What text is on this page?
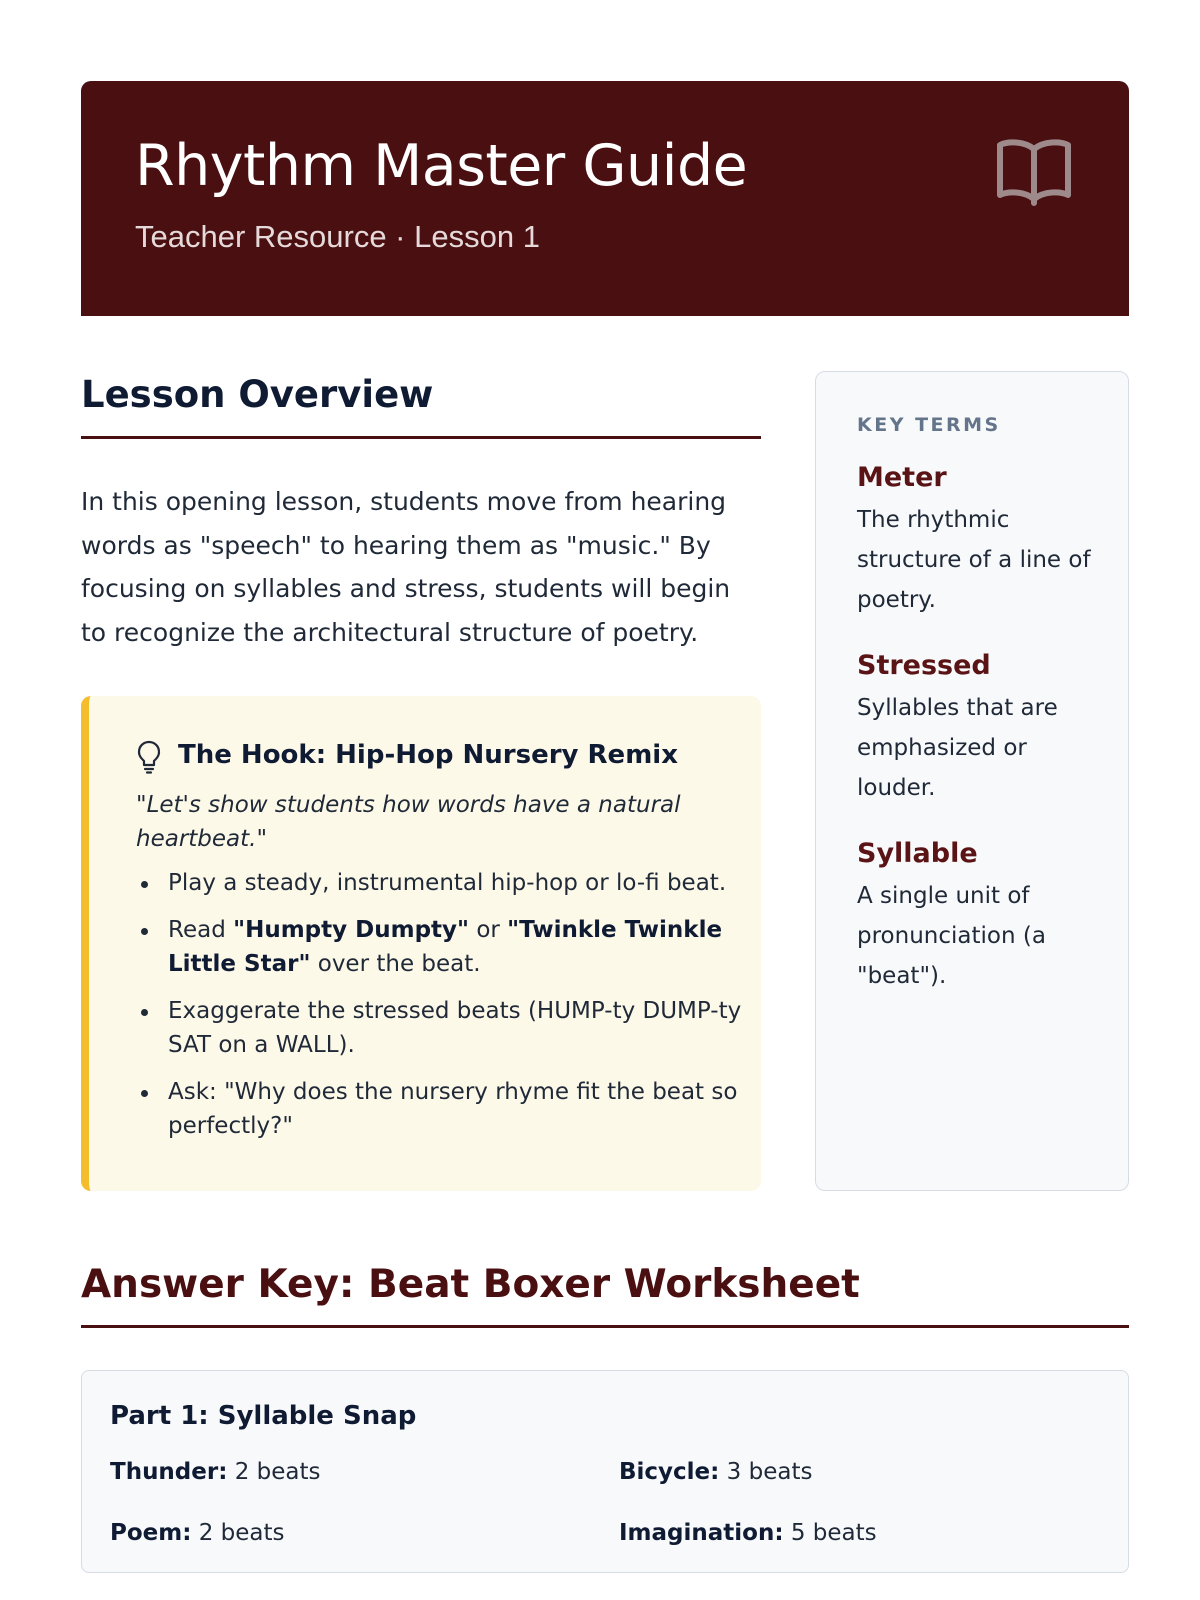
Rhythm Master Guide
Teacher Resource · Lesson 1
Lesson Overview

In this opening lesson, students move from hearing words as "speech" to hearing them as "music." By focusing on syllables and stress, students will begin to recognize the architectural structure of poetry.

The Hook: Hip-Hop Nursery Remix
"Let's show students how words have a natural heartbeat."
Play a steady, instrumental hip-hop or lo-fi beat.
Read "Humpty Dumpty" or "Twinkle Twinkle Little Star" over the beat.
Exaggerate the stressed beats (HUMP-ty DUMP-ty SAT on a WALL).
Ask: "Why does the nursery rhyme fit the beat so perfectly?"
KEY TERMS
Meter
The rhythmic structure of a line of poetry.
Stressed
Syllables that are emphasized or louder.
Syllable
A single unit of pronunciation (a "beat").
Answer Key: Beat Boxer Worksheet
Part 1: Syllable Snap
Thunder: 2 beats	Bicycle: 3 beats
Poem: 2 beats	Imagination: 5 beats
